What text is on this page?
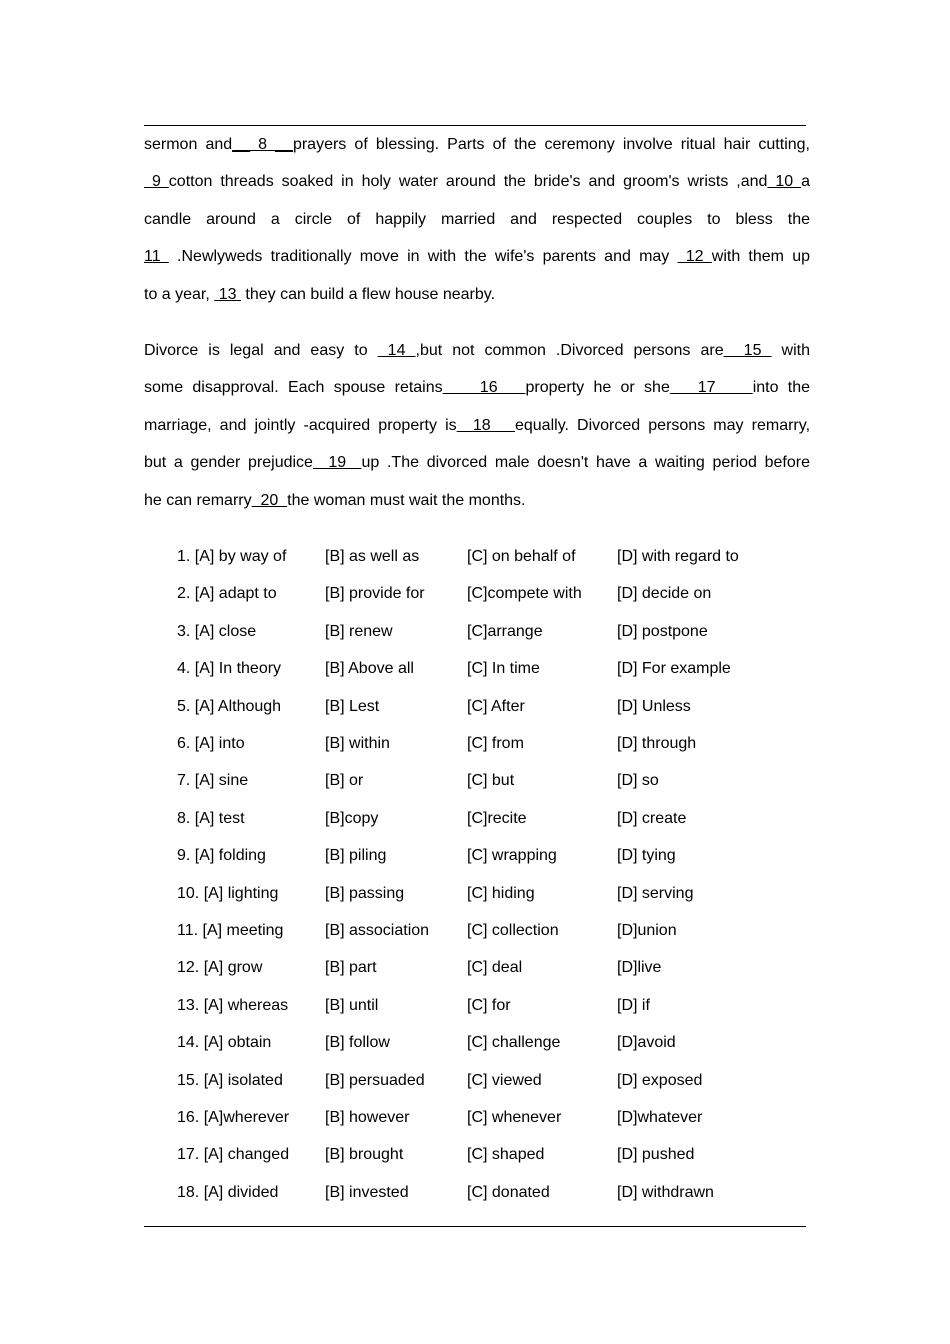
sermon and__ 8 __prayers of blessing. Parts of the ceremony involve ritual hair cutting,
9 cotton threads soaked in holy water around the bride's and groom's wrists ,and 10 a
candle around a circle of happily married and respected couples to bless the
11  .Newlyweds traditionally move in with the wife's parents and may  12 with them up
to a year,  13  they can build a flew house nearby.
Divorce is legal and easy to  14 ,but not common .Divorced persons are  15  with
some disapproval. Each spouse retains    16   property he or she   17    into the
marriage, and jointly -acquired property is  18   equally. Divorced persons may remarry,
but a gender prejudice  19  up .The divorced male doesn't have a waiting period before
he can remarry  20  the woman must wait the months.
1. [A] by way of [B] as well as	[C] on behalf of	[D] with regard to
2. [A] adapt to	[B] provide for	[C]compete with [D] decide on
3. [A] close	[B] renew	[C]arrange	[D] postpone
4. [A] In theory	[B] Above all	[C] In time	[D] For example
5. [A] Although	[B] Lest	[C] After	[D] Unless
6. [A] into	[B] within	[C] from	[D] through
7. [A] sine	[B] or	[C] but	[D] so
8. [A] test	[B]copy	[C]recite	[D] create
9. [A] folding	[B] piling	[C] wrapping	[D] tying
10. [A] lighting	[B] passing	[C] hiding	[D] serving
11. [A] meeting	[B] association [C] collection	[D]union
12. [A] grow	[B] part	[C] deal	[D]live
13. [A] whereas [B] until	[C] for	[D] if
14. [A] obtain	[B] follow	[C] challenge	[D]avoid
15. [A] isolated	[B] persuaded	[C] viewed	[D] exposed
16. [A]wherever [B] however	[C] whenever	[D]whatever
17. [A] changed [B] brought	[C] shaped	[D] pushed
18. [A] divided	[B] invested	[C] donated	[D] withdrawn
